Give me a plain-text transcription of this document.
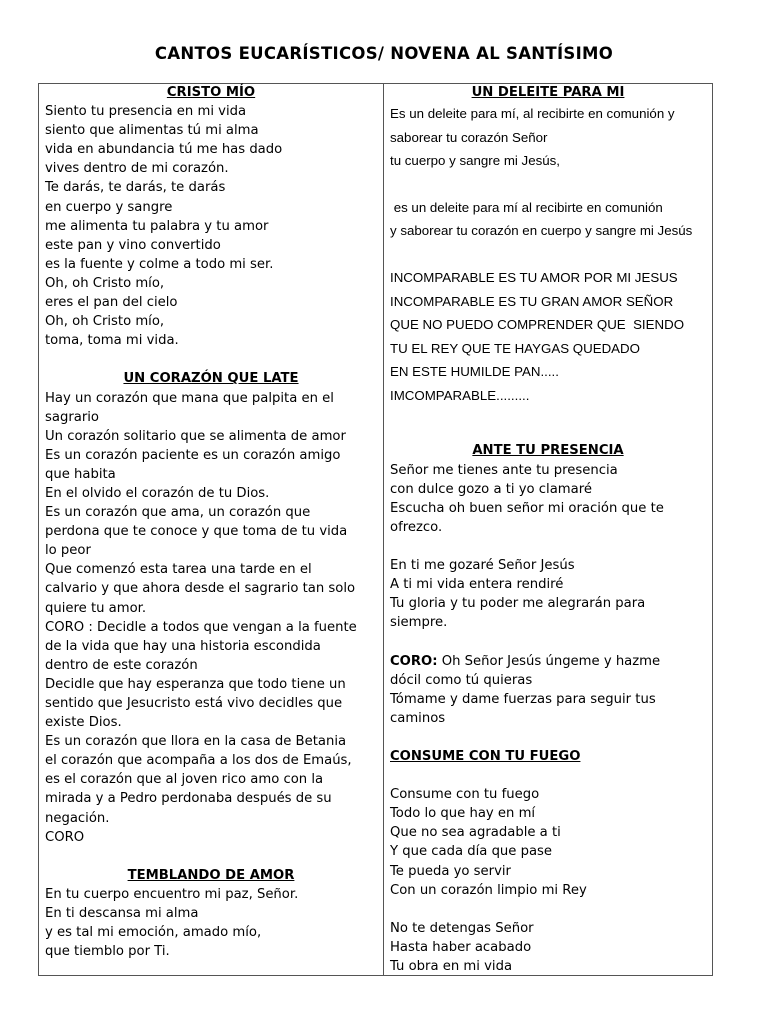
CANTOS EUCARÍSTICOS/ NOVENA AL SANTÍSIMO
CRISTO MÍO
Siento tu presencia en mi vida
siento que alimentas tú mi alma
vida en abundancia tú me has dado
vives dentro de mi corazón.
Te darás, te darás, te darás
en cuerpo y sangre
me alimenta tu palabra y tu amor
este pan y vino convertido
es la fuente y colme a todo mi ser.
Oh, oh Cristo mío,
eres el pan del cielo
Oh, oh Cristo mío,
toma, toma mi vida.
UN CORAZÓN QUE LATE
Hay un corazón que mana que palpita en el
sagrario
Un corazón solitario que se alimenta de amor
Es un corazón paciente es un corazón amigo
que habita
En el olvido el corazón de tu Dios.
Es un corazón que ama, un corazón que
perdona que te conoce y que toma de tu vida
lo peor
Que comenzó esta tarea una tarde en el
calvario y que ahora desde el sagrario tan solo
quiere tu amor.
CORO : Decidle a todos que vengan a la fuente
de la vida que hay una historia escondida
dentro de este corazón
Decidle que hay esperanza que todo tiene un
sentido que Jesucristo está vivo decidles que
existe Dios.
Es un corazón que llora en la casa de Betania
el corazón que acompaña a los dos de Emaús,
es el corazón que al joven rico amo con la
mirada y a Pedro perdonaba después de su
negación.
CORO
TEMBLANDO DE AMOR
En tu cuerpo encuentro mi paz, Señor.
En ti descansa mi alma
y es tal mi emoción, amado mío,
que tiemblo por Ti.
UN DELEITE PARA MI
Es un deleite para mí, al recibirte en comunión y
saborear tu corazón Señor
tu cuerpo y sangre mi Jesús,
es un deleite para mí al recibirte en comunión
y saborear tu corazón en cuerpo y sangre mi Jesús
INCOMPARABLE ES TU AMOR POR MI JESUS
INCOMPARABLE ES TU GRAN AMOR SEÑOR
QUE NO PUEDO COMPRENDER QUE  SIENDO
TU EL REY QUE TE HAYGAS QUEDADO
EN ESTE HUMILDE PAN.....
IMCOMPARABLE.........
ANTE TU PRESENCIA
Señor me tienes ante tu presencia
con dulce gozo a ti yo clamaré
Escucha oh buen señor mi oración que te
ofrezco.
En ti me gozaré Señor Jesús
A ti mi vida entera rendiré
Tu gloria y tu poder me alegrarán para
siempre.
CORO: Oh Señor Jesús úngeme y hazme
dócil como tú quieras
Tómame y dame fuerzas para seguir tus
caminos
CONSUME CON TU FUEGO
Consume con tu fuego
Todo lo que hay en mí
Que no sea agradable a ti
Y que cada día que pase
Te pueda yo servir
Con un corazón limpio mi Rey
No te detengas Señor
Hasta haber acabado
Tu obra en mi vida
